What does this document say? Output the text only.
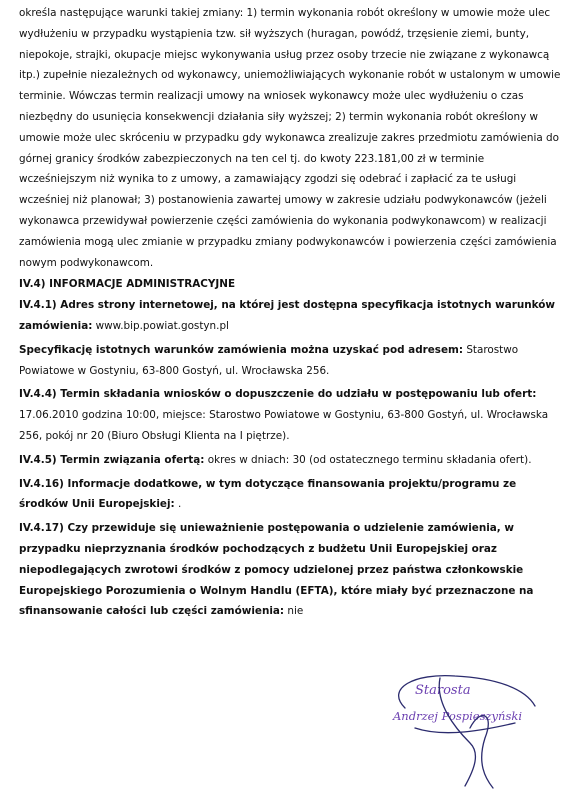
określa następujące warunki takiej zmiany: 1) termin wykonania robót określony w umowie może ulec wydłużeniu w przypadku wystąpienia tzw. sił wyższych (huragan, powódź, trzęsienie ziemi, bunty, niepokoje, strajki, okupacje miejsc wykonywania usług przez osoby trzecie nie związane z wykonawcą itp.) zupełnie niezależnych od wykonawcy, uniemożliwiających wykonanie robót w ustalonym w umowie terminie. Wówczas termin realizacji umowy na wniosek wykonawcy może ulec wydłużeniu o czas niezbędny do usunięcia konsekwencji działania siły wyższej; 2) termin wykonania robót określony w umowie może ulec skróceniu w przypadku gdy wykonawca zrealizuje zakres przedmiotu zamówienia do górnej granicy środków zabezpieczonych na ten cel tj. do kwoty 223.181,00 zł w terminie wcześniejszym niż wynika to z umowy, a zamawiający zgodzi się odebrać i zapłacić za te usługi wcześniej niż planował; 3) postanowienia zawartej umowy w zakresie udziału podwykonawców (jeżeli wykonawca przewidywał powierzenie części zamówienia do wykonania podwykonawcom) w realizacji zamówienia mogą ulec zmianie w przypadku zmiany podwykonawców i powierzenia części zamówienia nowym podwykonawcom.

IV.4) INFORMACJE ADMINISTRACYJNE

IV.4.1) Adres strony internetowej, na której jest dostępna specyfikacja istotnych warunków zamówienia: www.bip.powiat.gostyn.pl

Specyfikację istotnych warunków zamówienia można uzyskać pod adresem: Starostwo Powiatowe w Gostyniu, 63-800 Gostyń, ul. Wrocławska 256.

IV.4.4) Termin składania wniosków o dopuszczenie do udziału w postępowaniu lub ofert: 17.06.2010 godzina 10:00, miejsce: Starostwo Powiatowe w Gostyniu, 63-800 Gostyń, ul. Wrocławska 256, pokój nr 20 (Biuro Obsługi Klienta na I piętrze).

IV.4.5) Termin związania ofertą: okres w dniach: 30 (od ostatecznego terminu składania ofert).

IV.4.16) Informacje dodatkowe, w tym dotyczące finansowania projektu/programu ze środków Unii Europejskiej: .

IV.4.17) Czy przewiduje się unieważnienie postępowania o udzielenie zamówienia, w przypadku nieprzyznania środków pochodzących z budżetu Unii Europejskiej oraz niepodlegających zwrotowi środków z pomocy udzielonej przez państwa członkowskie Europejskiego Porozumienia o Wolnym Handlu (EFTA), które miały być przeznaczone na sfinansowanie całości lub części zamówienia: nie

Starosta
Andrzej Pospieszyński
